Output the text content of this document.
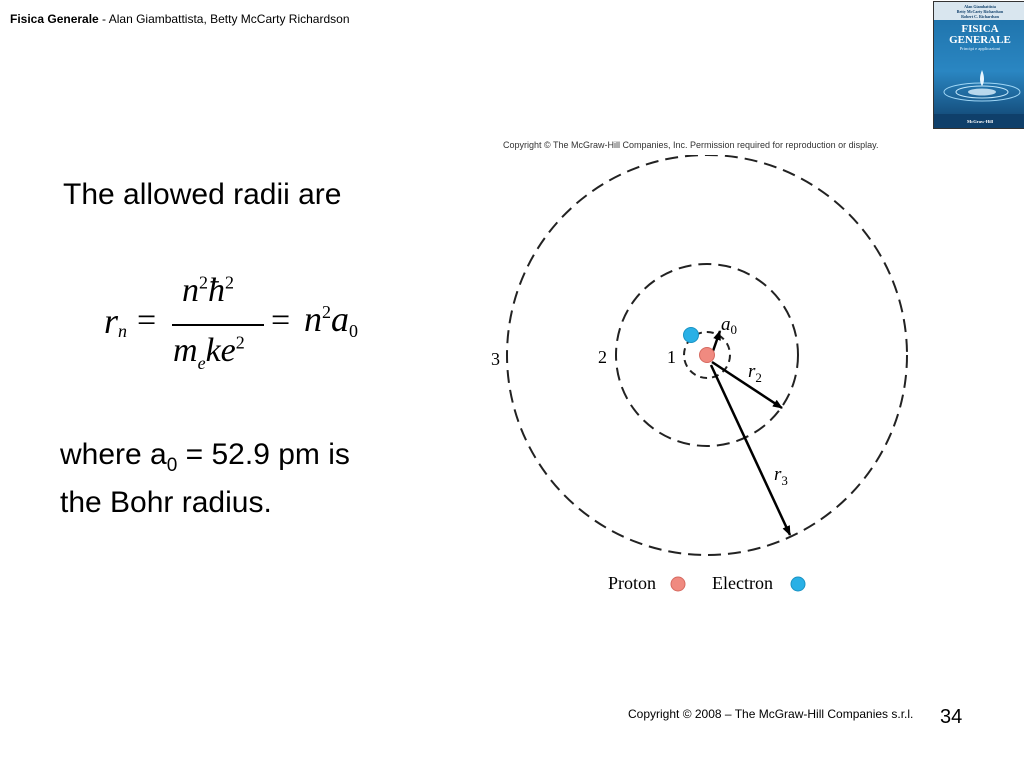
Fisica Generale - Alan Giambattista, Betty McCarty Richardson
Alan Giambattista
Betty McCarty Richardson
Robert C. Richardson
FISICA
GENERALE
Principi e applicazioni
McGraw-Hill
Copyright © The McGraw-Hill Companies, Inc. Permission required for reproduction or display.
The allowed radii are
rn =
$n^2ħ^2$
$m_eke^2$
= $n^2a0$
where $a_0 = 52.9$ pm is
the Bohr radius.
3	2	1
$a_0$
$r_2$
$r_3$
Proton	Electron
Copyright © 2008 – The McGraw-Hill Companies s.r.l. 34
